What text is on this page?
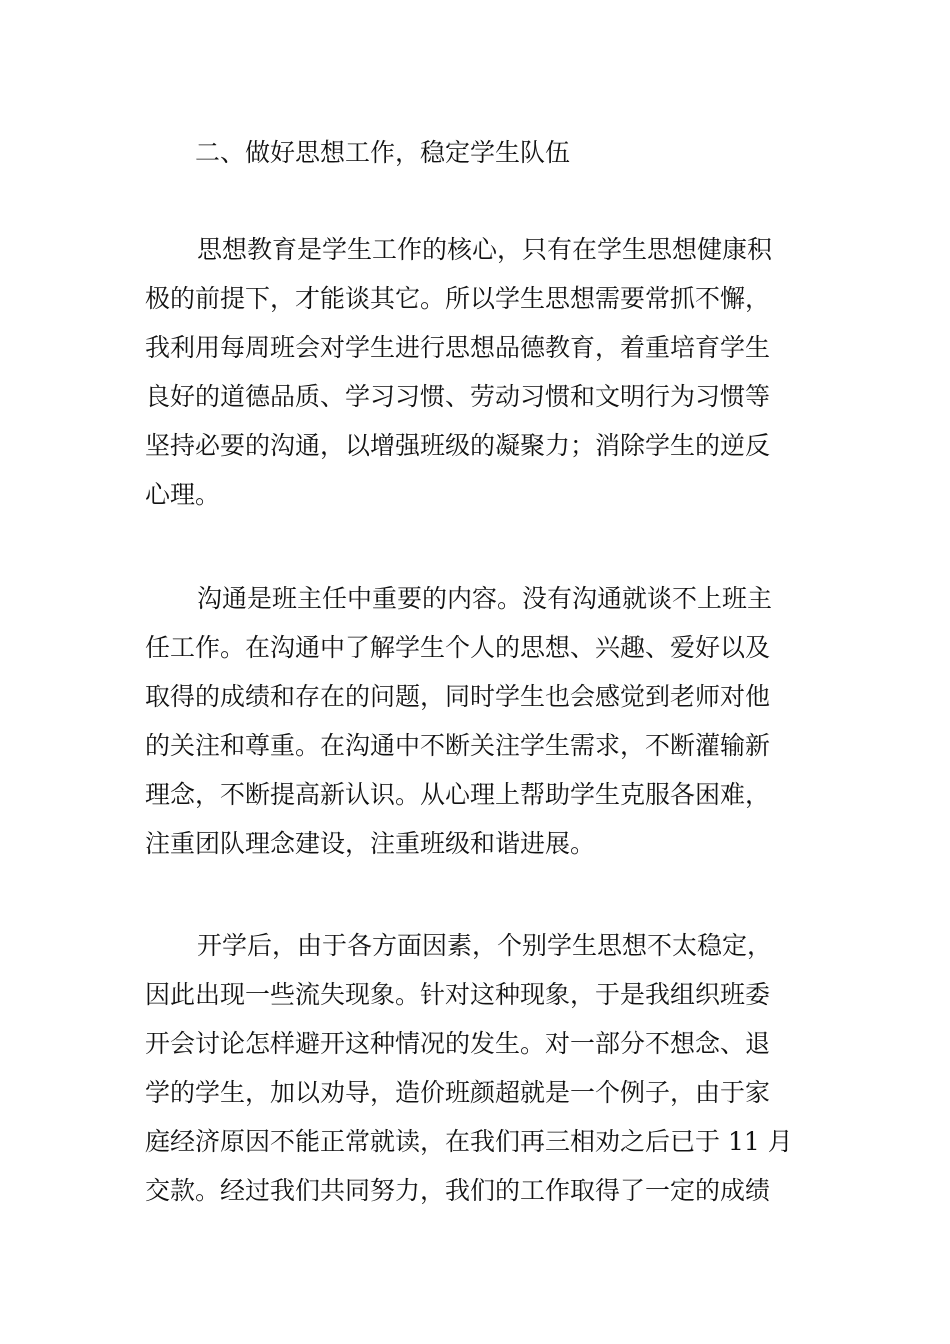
二、做好思想工作，稳定学生队伍
思想教育是学生工作的核心，只有在学生思想健康积
极的前提下，才能谈其它。所以学生思想需要常抓不懈，
我利用每周班会对学生进行思想品德教育，着重培育学生
良好的道德品质、学习习惯、劳动习惯和文明行为习惯等
坚持必要的沟通，以增强班级的凝聚力；消除学生的逆反
心理。
沟通是班主任中重要的内容。没有沟通就谈不上班主
任工作。在沟通中了解学生个人的思想、兴趣、爱好以及
取得的成绩和存在的问题，同时学生也会感觉到老师对他
的关注和尊重。在沟通中不断关注学生需求，不断灌输新
理念，不断提高新认识。从心理上帮助学生克服各困难，
注重团队理念建设，注重班级和谐进展。
开学后，由于各方面因素，个别学生思想不太稳定，
因此出现一些流失现象。针对这种现象，于是我组织班委
开会讨论怎样避开这种情况的发生。对一部分不想念、退
学的学生，加以劝导，造价班颜超就是一个例子，由于家
庭经济原因不能正常就读，在我们再三相劝之后已于 11 月
交款。经过我们共同努力，我们的工作取得了一定的成绩
